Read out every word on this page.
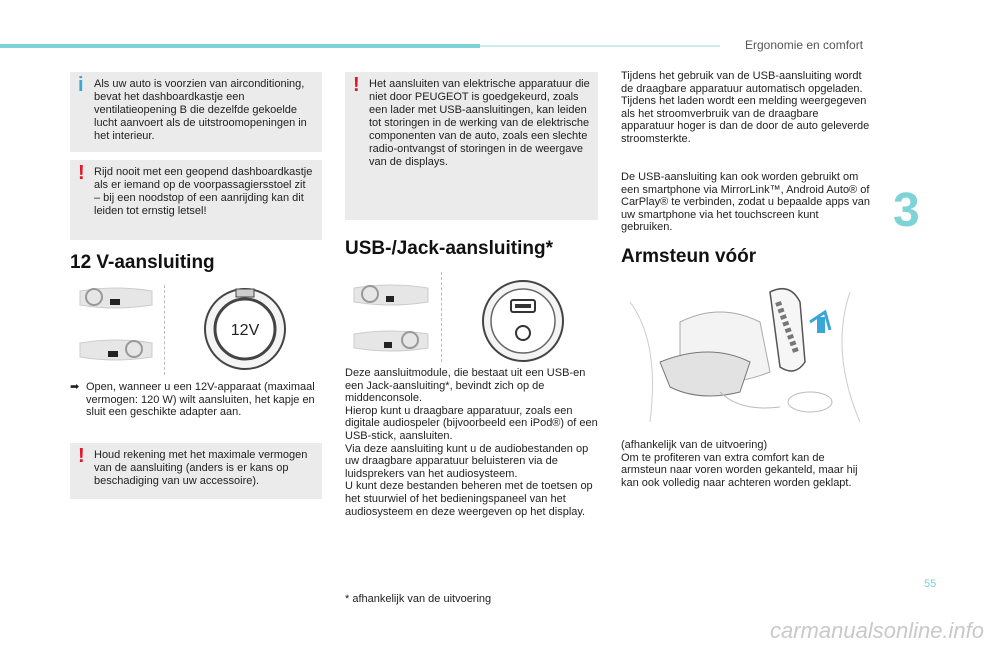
Ergonomie en comfort
3
i Als uw auto is voorzien van airconditioning, bevat het dashboardkastje een ventilatieopening B die dezelfde gekoelde lucht aanvoert als de uitstroomopeningen in het interieur.
! Rijd nooit met een geopend dashboardkastje als er iemand op de voorpassagiersstoel zit – bij een noodstop of een aanrijding kan dit leiden tot ernstig letsel!
12 V-aansluiting
12V
➡ Open, wanneer u een 12V-apparaat (maximaal vermogen: 120 W) wilt aansluiten, het kapje en sluit een geschikte adapter aan.
! Houd rekening met het maximale vermogen van de aansluiting (anders is er kans op beschadiging van uw accessoire).
! Het aansluiten van elektrische apparatuur die niet door PEUGEOT is goedgekeurd, zoals een lader met USB-aansluitingen, kan leiden tot storingen in de werking van de elektrische componenten van de auto, zoals een slechte radio-ontvangst of storingen in de weergave van de displays.
USB-/Jack-aansluiting*
Deze aansluitmodule, die bestaat uit een USB-en een Jack-aansluiting*, bevindt zich op de middenconsole.
Hierop kunt u draagbare apparatuur, zoals een digitale audiospeler (bijvoorbeeld een iPod®) of een USB-stick, aansluiten.
Via deze aansluiting kunt u de audiobestanden op uw draagbare apparatuur beluisteren via de luidsprekers van het audiosysteem.
U kunt deze bestanden beheren met de toetsen op het stuurwiel of het bedieningspaneel van het audiosysteem en deze weergeven op het display.
* afhankelijk van de uitvoering
Tijdens het gebruik van de USB-aansluiting wordt de draagbare apparatuur automatisch opgeladen.
Tijdens het laden wordt een melding weergegeven als het stroomverbruik van de draagbare apparatuur hoger is dan de door de auto geleverde stroomsterkte.
De USB-aansluiting kan ook worden gebruikt om een smartphone via MirrorLink™, Android Auto® of CarPlay® te verbinden, zodat u bepaalde apps van uw smartphone via het touchscreen kunt gebruiken.
Armsteun vóór
(afhankelijk van de uitvoering)
Om te profiteren van extra comfort kan de armsteun naar voren worden gekanteld, maar hij kan ook volledig naar achteren worden geklapt.
55
carmanualsonline.info
